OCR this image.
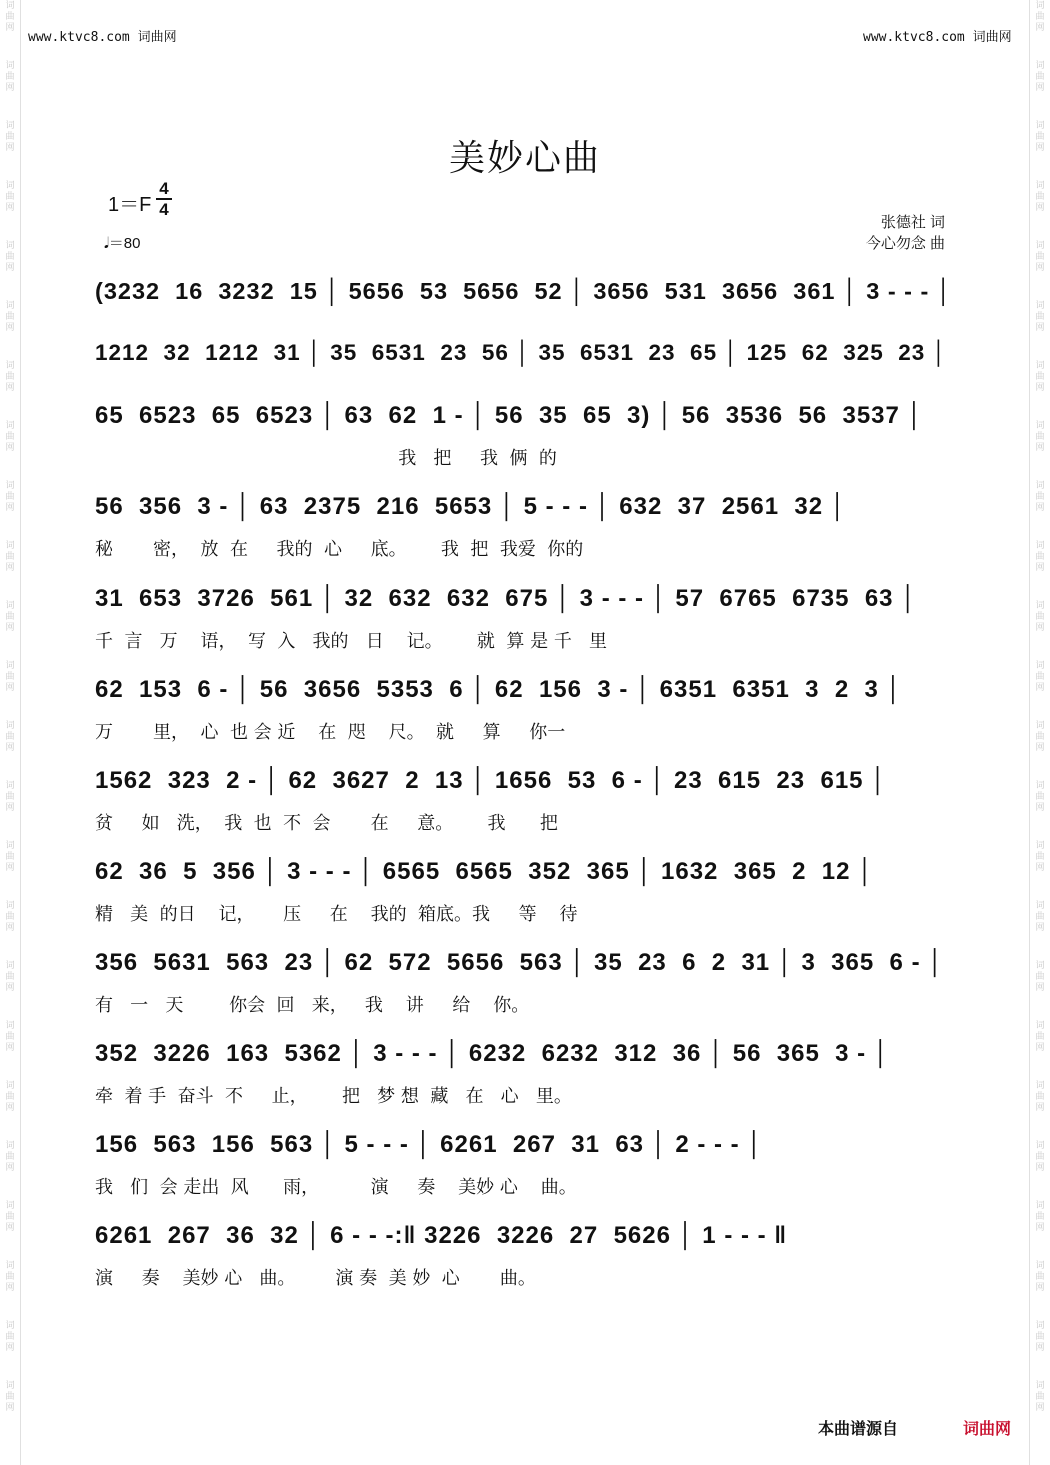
词
曲
网
词
曲
网
词
曲
网
词
曲
网
词
曲
网
词
曲
网
词
曲
网
词
曲
网
词
曲
网
词
曲
网
词
曲
网
词
曲
网
词
曲
网
词
曲
网
词
曲
网
词
曲
网
词
曲
网
词
曲
网
词
曲
网
词
曲
网
词
曲
网
词
曲
网
词
曲
网
词
曲
网
词
曲
网
词
曲
网
词
曲
网
词
曲
网
词
曲
网
词
曲
网
词
曲
网
词
曲
网
词
曲
网
词
曲
网
词
曲
网
词
曲
网
词
曲
网
词
曲
网
词
曲
网
词
曲
网
词
曲
网
词
曲
网
词
曲
网
词
曲
网
词
曲
网
词
曲
网
词
曲
网
词
曲
网
www.ktvc8.com 词曲网	www.ktvc8.com 词曲网
美妙心曲
1＝F
4
4
𝅘𝅥＝80
张德社 词
今心勿念 曲
(3232  16  3232  15 │ 5656  53  5656  52 │ 3656  531  3656  361 │ 3 - - - │
1212  32  1212  31 │ 35  6531  23  56 │ 35  6531  23  65 │ 125  62  325  23 │
65  6523  65  6523 │ 63  62  1 - │ 56  35  65  3) │ 56  3536  56  3537 │
我   把     我  俩  的
56  356  3 - │ 63  2375  216  5653 │ 5 - - - │ 632  37  2561  32 │
秘       密，  放  在     我的  心     底。      我  把  我爱  你的
31  653  3726  561 │ 32  632  632  675 │ 3 - - - │ 57  6765  6735  63 │
千  言   万    语，  写  入   我的   日    记。      就  算 是 千   里
62  153  6 - │ 56  3656  5353  6 │ 62  156  3 - │ 6351  6351  3  2  3 │
万       里，  心  也 会 近    在  咫    尺。  就     算     你一
1562  323  2 - │ 62  3627  2  13 │ 1656  53  6 - │ 23  615  23  615 │
贫     如   洗，  我  也  不  会       在     意。      我      把
62  36  5  356 │ 3 - - - │ 6565  6565  352  365 │ 1632  365  2  12 │
精   美  的日    记，     压     在    我的  箱底。我     等    待
356  5631  563  23 │ 62  572  5656  563 │ 35  23  6  2  31 │ 3  365  6 - │
有   一   天        你会  回   来，   我    讲     给    你。
352  3226  163  5362 │ 3 - - - │ 6232  6232  312  36 │ 56  365  3 - │
牵  着 手  奋斗  不     止，      把   梦 想  藏   在   心   里。
156  563  156  563 │ 5 - - - │ 6261  267  31  63 │ 2 - - - │
我   们  会 走出  风      雨，         演     奏    美妙 心    曲。
6261  267  36  32 │ 6 - - -:‖ 3226  3226  27  5626 │ 1 - - - ‖
演     奏    美妙 心   曲。       演 奏  美 妙  心       曲。
本曲谱源自	词曲网
